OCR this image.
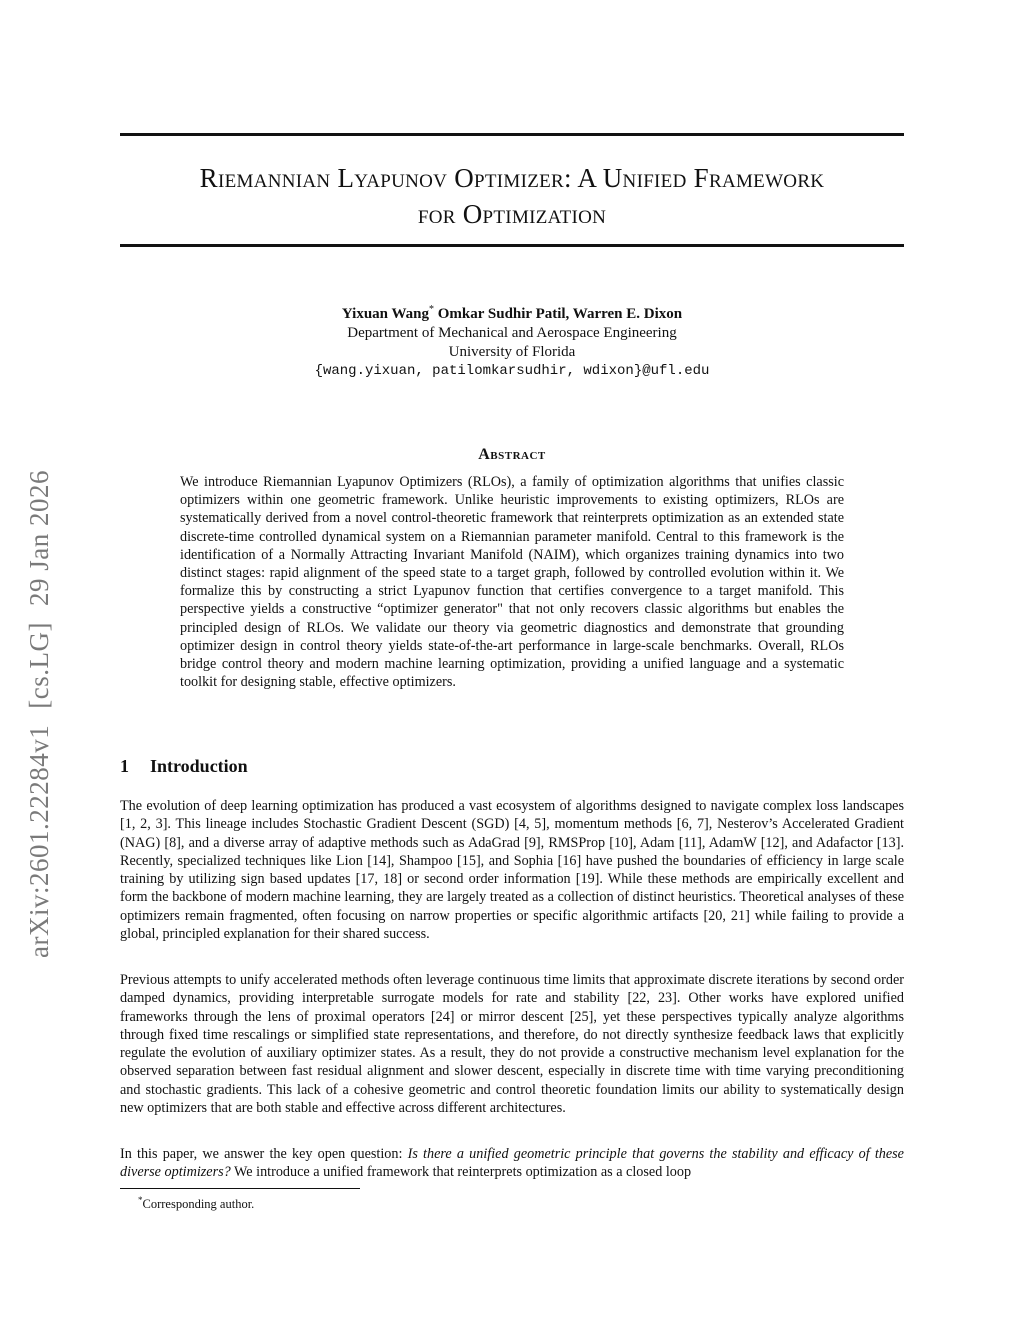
arXiv:2601.22284v1[cs.LG]29 Jan 2026
Riemannian Lyapunov Optimizer: A Unified Framework
for Optimization
Yixuan Wang* Omkar Sudhir Patil, Warren E. Dixon
Department of Mechanical and Aerospace Engineering
University of Florida
{wang.yixuan, patilomkarsudhir, wdixon}@ufl.edu
Abstract

We introduce Riemannian Lyapunov Optimizers (RLOs), a family of optimization algorithms that unifies classic optimizers within one geometric framework. Unlike heuristic improvements to existing optimizers, RLOs are systematically derived from a novel control-theoretic framework that reinterprets optimization as an extended state discrete-time controlled dynamical system on a Riemannian parameter manifold. Central to this framework is the identification of a Normally Attracting Invariant Manifold (NAIM), which organizes training dynamics into two distinct stages: rapid alignment of the speed state to a target graph, followed by controlled evolution within it. We formalize this by constructing a strict Lyapunov function that certifies convergence to a target manifold. This perspective yields a constructive “optimizer generator" that not only recovers classic algorithms but enables the principled design of RLOs. We validate our theory via geometric diagnostics and demonstrate that grounding optimizer design in control theory yields state-of-the-art performance in large-scale benchmarks. Overall, RLOs bridge control theory and modern machine learning optimization, providing a unified language and a systematic toolkit for designing stable, effective optimizers.

1 Introduction

The evolution of deep learning optimization has produced a vast ecosystem of algorithms designed to navigate complex loss landscapes [1, 2, 3]. This lineage includes Stochastic Gradient Descent (SGD) [4, 5], momentum methods [6, 7], Nesterov’s Accelerated Gradient (NAG) [8], and a diverse array of adaptive methods such as AdaGrad [9], RMSProp [10], Adam [11], AdamW [12], and Adafactor [13]. Recently, specialized techniques like Lion [14], Shampoo [15], and Sophia [16] have pushed the boundaries of efficiency in large scale training by utilizing sign based updates [17, 18] or second order information [19]. While these methods are empirically excellent and form the backbone of modern machine learning, they are largely treated as a collection of distinct heuristics. Theoretical analyses of these optimizers remain fragmented, often focusing on narrow properties or specific algorithmic artifacts [20, 21] while failing to provide a global, principled explanation for their shared success.

Previous attempts to unify accelerated methods often leverage continuous time limits that approximate discrete iterations by second order damped dynamics, providing interpretable surrogate models for rate and stability [22, 23]. Other works have explored unified frameworks through the lens of proximal operators [24] or mirror descent [25], yet these perspectives typically analyze algorithms through fixed time rescalings or simplified state representations, and therefore, do not directly synthesize feedback laws that explicitly regulate the evolution of auxiliary optimizer states. As a result, they do not provide a constructive mechanism level explanation for the observed separation between fast residual alignment and slower descent, especially in discrete time with time varying preconditioning and stochastic gradients. This lack of a cohesive geometric and control theoretic foundation limits our ability to systematically design new optimizers that are both stable and effective across different architectures.

In this paper, we answer the key open question: Is there a unified geometric principle that governs the stability and efficacy of these diverse optimizers? We introduce a unified framework that reinterprets optimization as a closed loop

*Corresponding author.
